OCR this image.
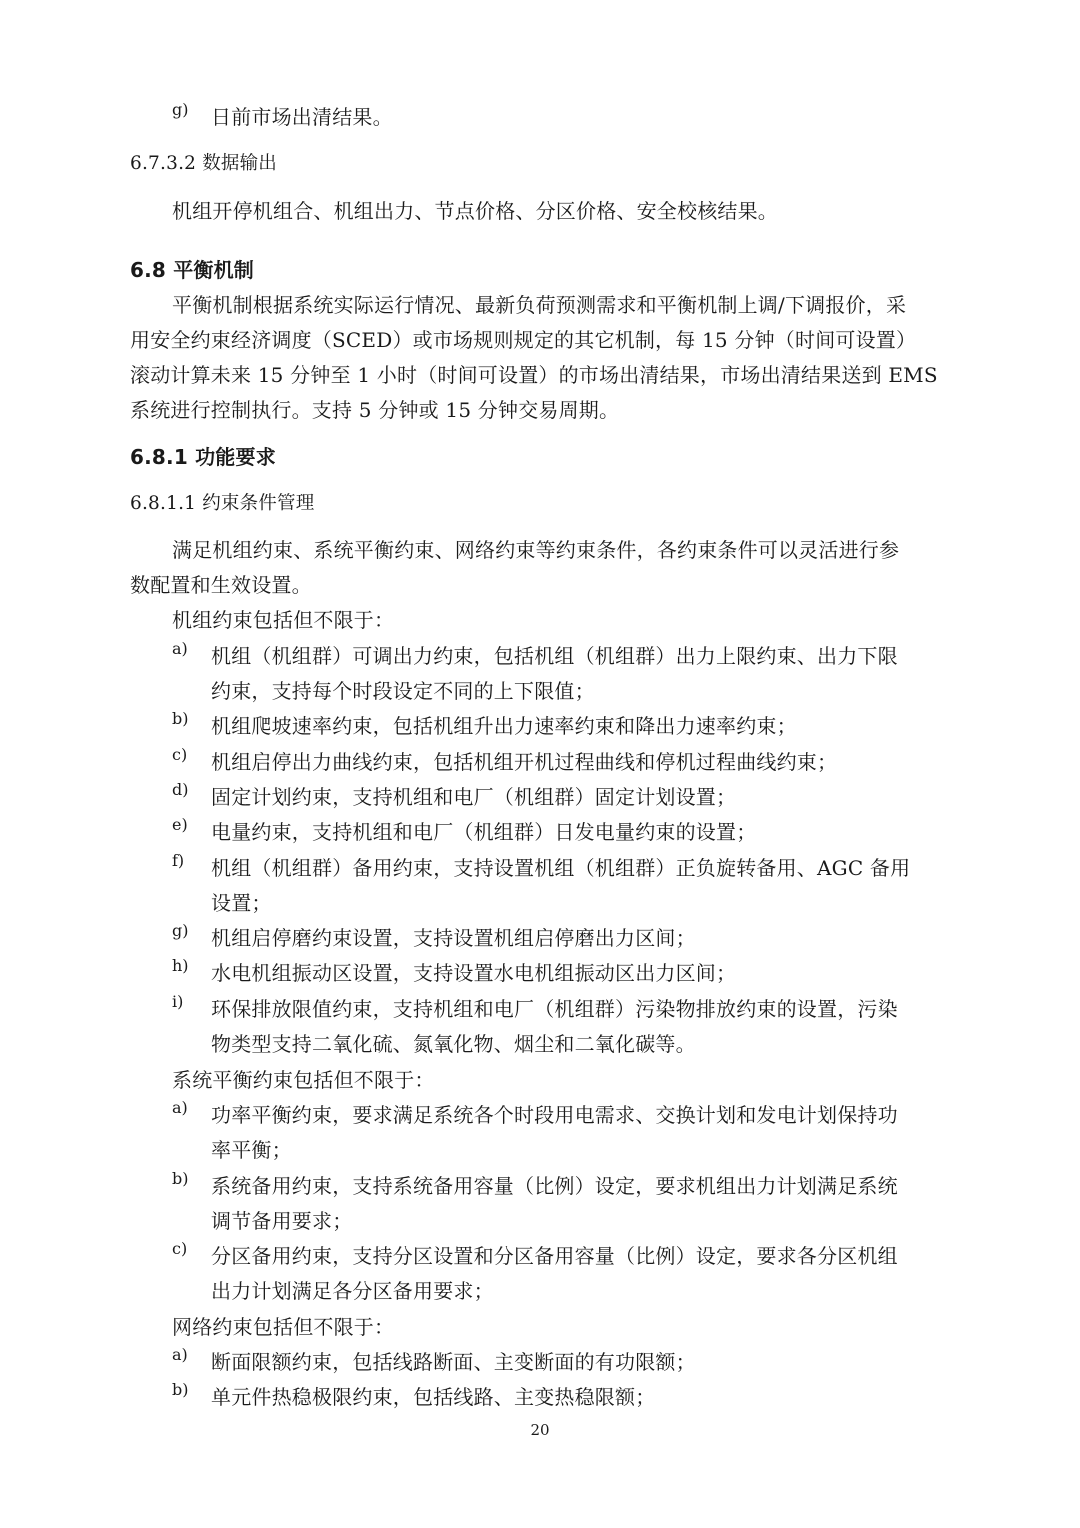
g)	日前市场出清结果。
6.7.3.2 数据输出
机组开停机组合、机组出力、节点价格、分区价格、安全校核结果。
6.8 平衡机制
平衡机制根据系统实际运行情况、最新负荷预测需求和平衡机制上调/下调报价，采
用安全约束经济调度（SCED）或市场规则规定的其它机制，每 15 分钟（时间可设置）
滚动计算未来 15 分钟至 1 小时（时间可设置）的市场出清结果，市场出清结果送到 EMS
系统进行控制执行。支持 5 分钟或 15 分钟交易周期。
6.8.1 功能要求
6.8.1.1 约束条件管理
满足机组约束、系统平衡约束、网络约束等约束条件，各约束条件可以灵活进行参
数配置和生效设置。
机组约束包括但不限于：
a)	机组（机组群）可调出力约束，包括机组（机组群）出力上限约束、出力下限
约束，支持每个时段设定不同的上下限值；
b)	机组爬坡速率约束，包括机组升出力速率约束和降出力速率约束；
c)	机组启停出力曲线约束，包括机组开机过程曲线和停机过程曲线约束；
d)	固定计划约束，支持机组和电厂（机组群）固定计划设置；
e)	电量约束，支持机组和电厂（机组群）日发电量约束的设置；
f)	机组（机组群）备用约束，支持设置机组（机组群）正负旋转备用、AGC 备用
设置；
g)	机组启停磨约束设置，支持设置机组启停磨出力区间；
h)	水电机组振动区设置，支持设置水电机组振动区出力区间；
i)	环保排放限值约束，支持机组和电厂（机组群）污染物排放约束的设置，污染
物类型支持二氧化硫、氮氧化物、烟尘和二氧化碳等。
系统平衡约束包括但不限于：
a)	功率平衡约束，要求满足系统各个时段用电需求、交换计划和发电计划保持功
率平衡；
b)	系统备用约束，支持系统备用容量（比例）设定，要求机组出力计划满足系统
调节备用要求；
c)	分区备用约束，支持分区设置和分区备用容量（比例）设定，要求各分区机组
出力计划满足各分区备用要求；
网络约束包括但不限于：
a)	断面限额约束，包括线路断面、主变断面的有功限额；
b)	单元件热稳极限约束，包括线路、主变热稳限额；
20
